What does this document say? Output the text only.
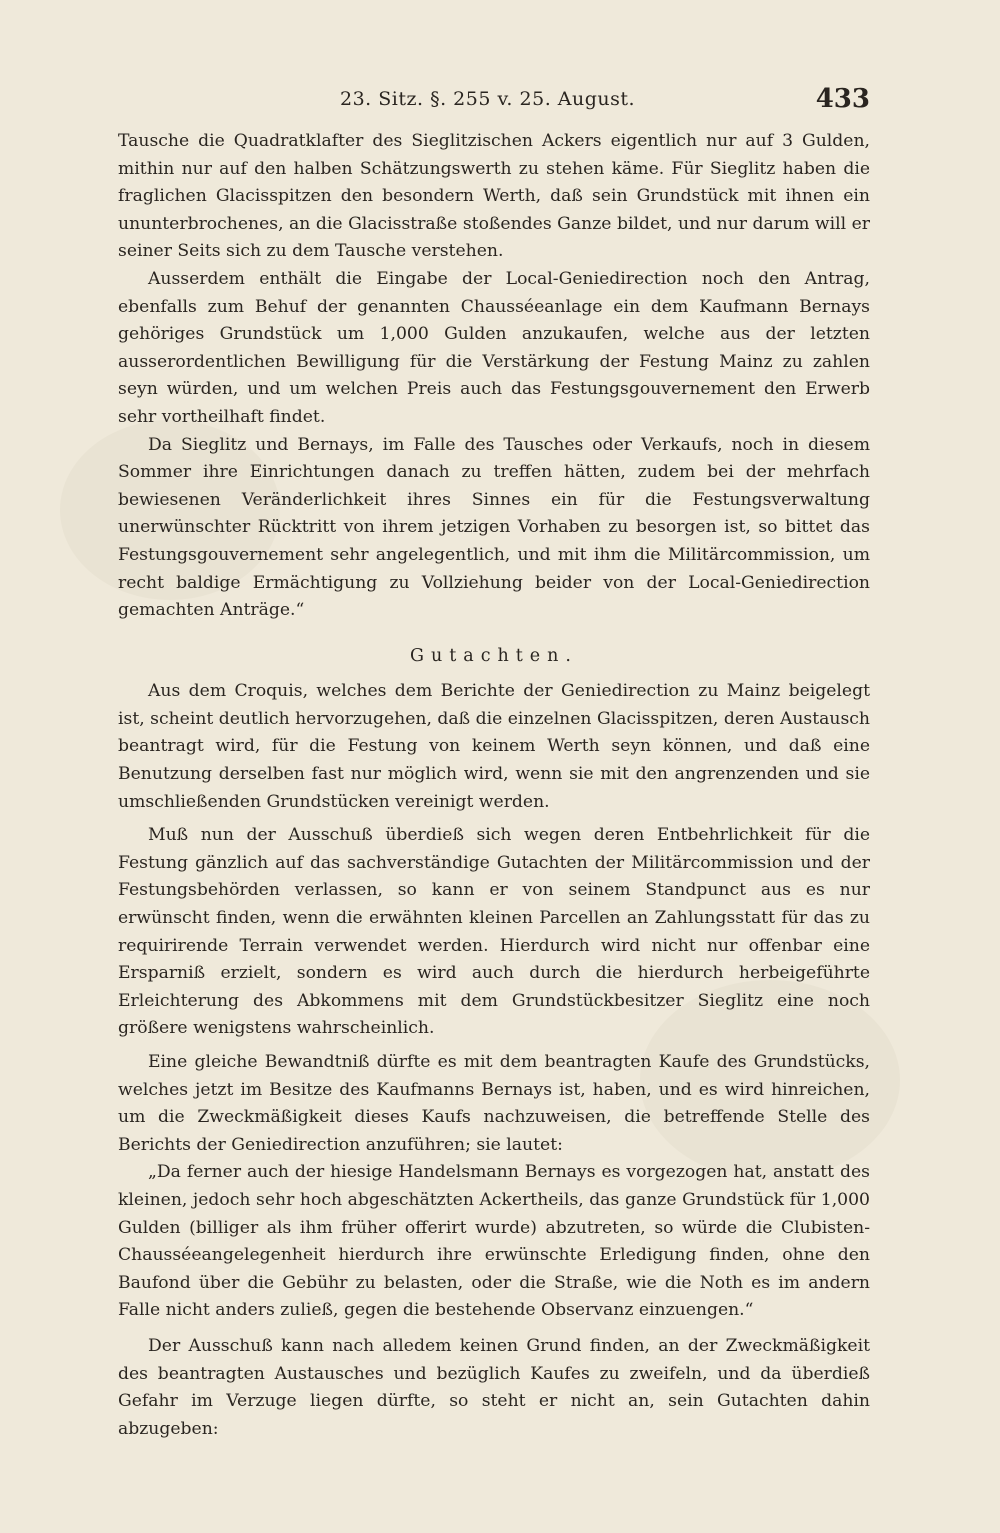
23. Sitz. §. 255 v. 25. August.	433

Tausche die Quadratklafter des Sieglitzischen Ackers eigentlich nur auf 3 Gulden, mithin nur auf den halben Schätzungswerth zu stehen käme. Für Sieglitz haben die fraglichen Glacisspitzen den besondern Werth, daß sein Grundstück mit ihnen ein ununterbrochenes, an die Glacisstraße stoßendes Ganze bildet, und nur darum will er seiner Seits sich zu dem Tausche verstehen.

Ausserdem enthält die Eingabe der Local-Geniedirection noch den Antrag, ebenfalls zum Behuf der genannten Chausséeanlage ein dem Kaufmann Bernays gehöriges Grundstück um 1,000 Gulden anzukaufen, welche aus der letzten ausserordentlichen Bewilligung für die Verstärkung der Festung Mainz zu zahlen seyn würden, und um welchen Preis auch das Festungsgouvernement den Erwerb sehr vortheilhaft findet.

Da Sieglitz und Bernays, im Falle des Tausches oder Verkaufs, noch in diesem Sommer ihre Einrichtungen danach zu treffen hätten, zudem bei der mehrfach bewiesenen Veränderlichkeit ihres Sinnes ein für die Festungsverwaltung unerwünschter Rücktritt von ihrem jetzigen Vorhaben zu besorgen ist, so bittet das Festungsgouvernement sehr angelegentlich, und mit ihm die Militärcommission, um recht baldige Ermächtigung zu Vollziehung beider von der Local-Geniedirection gemachten Anträge.“

Gutachten.

Aus dem Croquis, welches dem Berichte der Geniedirection zu Mainz beigelegt ist, scheint deutlich hervorzugehen, daß die einzelnen Glacisspitzen, deren Austausch beantragt wird, für die Festung von keinem Werth seyn können, und daß eine Benutzung derselben fast nur möglich wird, wenn sie mit den angrenzenden und sie umschließenden Grundstücken vereinigt werden.

Muß nun der Ausschuß überdieß sich wegen deren Entbehrlichkeit für die Festung gänzlich auf das sachverständige Gutachten der Militärcommission und der Festungsbehörden verlassen, so kann er von seinem Standpunct aus es nur erwünscht finden, wenn die erwähnten kleinen Parcellen an Zahlungsstatt für das zu requirirende Terrain verwendet werden. Hierdurch wird nicht nur offenbar eine Ersparniß erzielt, sondern es wird auch durch die hierdurch herbeigeführte Erleichterung des Abkommens mit dem Grundstückbesitzer Sieglitz eine noch größere wenigstens wahrscheinlich.

Eine gleiche Bewandtniß dürfte es mit dem beantragten Kaufe des Grundstücks, welches jetzt im Besitze des Kaufmanns Bernays ist, haben, und es wird hinreichen, um die Zweckmäßigkeit dieses Kaufs nachzuweisen, die betreffende Stelle des Berichts der Geniedirection anzuführen; sie lautet:

„Da ferner auch der hiesige Handelsmann Bernays es vorgezogen hat, anstatt des kleinen, jedoch sehr hoch abgeschätzten Ackertheils, das ganze Grundstück für 1,000 Gulden (billiger als ihm früher offerirt wurde) abzutreten, so würde die Clubisten-Chausséeangelegenheit hierdurch ihre erwünschte Erledigung finden, ohne den Baufond über die Gebühr zu belasten, oder die Straße, wie die Noth es im andern Falle nicht anders zuließ, gegen die bestehende Observanz einzuengen.“

Der Ausschuß kann nach alledem keinen Grund finden, an der Zweckmäßigkeit des beantragten Austausches und bezüglich Kaufes zu zweifeln, und da überdieß Gefahr im Verzuge liegen dürfte, so steht er nicht an, sein Gutachten dahin abzugeben:
